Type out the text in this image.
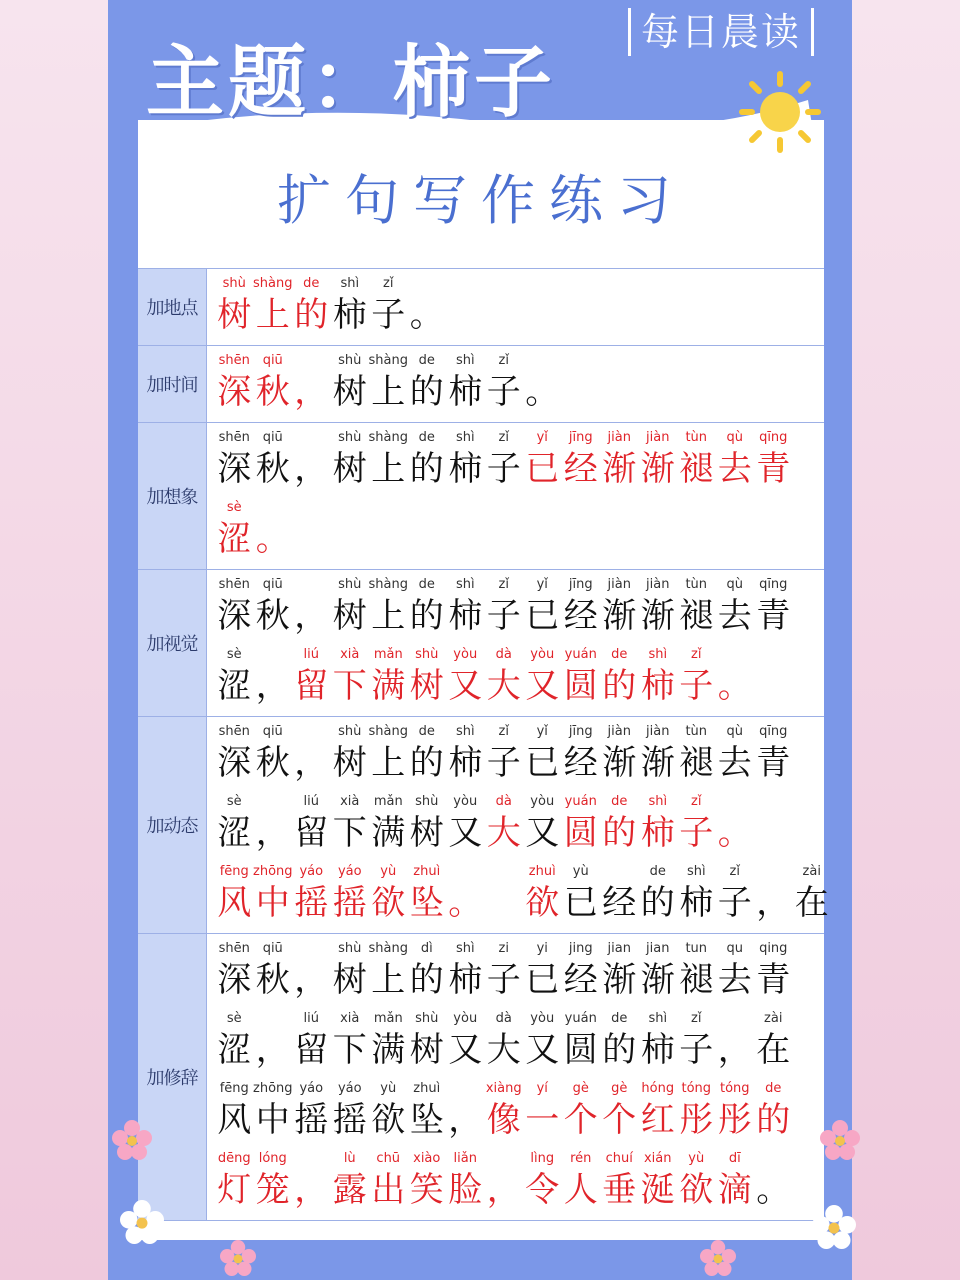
主题：柿子
每日晨读
扩句写作练习
加地点
shù
树
shàng
上
de
的
shì
柿
zǐ
子 。
加时间
shēn
深
qiū
秋 ，
shù
树
shàng
上
de
的
shì
柿
zǐ
子 。
加想象
shēn
深
qiū
秋 ，
shù
树
shàng
上
de
的
shì
柿
zǐ
子
yǐ
已
jīng
经
jiàn
渐
jiàn
渐
tùn
褪
qù
去
qīng
青
sè
涩 。
加视觉
shēn
深
qiū
秋 ，
shù
树
shàng
上
de
的
shì
柿
zǐ
子
yǐ
已
jīng
经
jiàn
渐
jiàn
渐
tùn
褪
qù
去
qīng
青
sè
涩 ，
liú
留
xià
下
mǎn
满
shù
树
yòu
又
dà
大
yòu
又
yuán
圆
de
的
shì
柿
zǐ
子 。
加动态
shēn
深
qiū
秋 ，
shù
树
shàng
上
de
的
shì
柿
zǐ
子
yǐ
已
jīng
经
jiàn
渐
jiàn
渐
tùn
褪
qù
去
qīng
青
sè
涩 ，
liú
留
xià
下
mǎn
满
shù
树
yòu
又
dà
大
yòu
又
yuán
圆
de
的
shì
柿
zǐ
子 。
fēng
风
zhōng
中
yáo
摇
yáo
摇
yù
欲
zhuì
坠 。
zhuì
欲
yù
已 经
de
的
shì
柿
zǐ
子 ，
zài
在
加修辞
shēn
深
qiū
秋 ，
shù
树
shàng
上
dì
的
shì
柿
zi
子
yi
已
jing
经
jian
渐
jian
渐
tun
褪
qu
去
qing
青
sè
涩 ，
liú
留
xià
下
mǎn
满
shù
树
yòu
又
dà
大
yòu
又
yuán
圆
de
的
shì
柿
zǐ
子 ，
zài
在
fēng
风
zhōng
中
yáo
摇
yáo
摇
yù
欲
zhuì
坠 ，
xiàng
像
yí
一
gè
个
gè
个
hóng
红
tóng
彤
tóng
彤
de
的
dēng
灯
lóng
笼 ，
lù
露
chū
出
xiào
笑
liǎn
脸 ，
lìng
令
rén
人
chuí
垂
xián
涎
yù
欲
dī
滴 。
